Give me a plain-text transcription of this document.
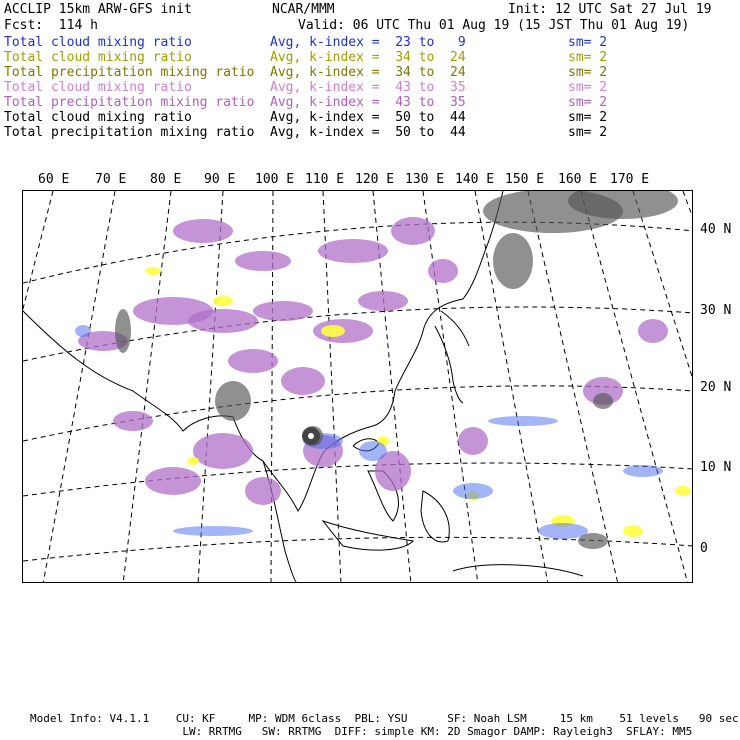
ACCLIP 15km ARW-GFS init	NCAR/MMM	Init: 12 UTC Sat 27 Jul 19
Fcst:  114 h	Valid: 06 UTC Thu 01 Aug 19 (15 JST Thu 01 Aug 19)
Total cloud mixing ratio	Avg, k-index =  23 to   9	sm= 2
Total cloud mixing ratio	Avg, k-index =  34 to  24	sm= 2
Total precipitation mixing ratio Avg, k-index =  34 to  24	sm= 2
Total cloud mixing ratio	Avg, k-index =  43 to  35	sm= 2
Total precipitation mixing ratio Avg, k-index =  43 to  35	sm= 2
Total cloud mixing ratio	Avg, k-index =  50 to  44	sm= 2
Total precipitation mixing ratio Avg, k-index =  50 to  44	sm= 2
60 E 70 E 80 E 90 E 100 E 110 E 120 E 130 E 140 E 150 E 160 E 170 E
40 N
30 N
20 N
10 N
0
Model Info: V4.1.1    CU: KF     MP: WDM 6class  PBL: YSU      SF: Noah LSM     15 km    51 levels   90 sec
LW: RRTMG   SW: RRTMG  DIFF: simple KM: 2D Smagor DAMP: Rayleigh3  SFLAY: MM5
